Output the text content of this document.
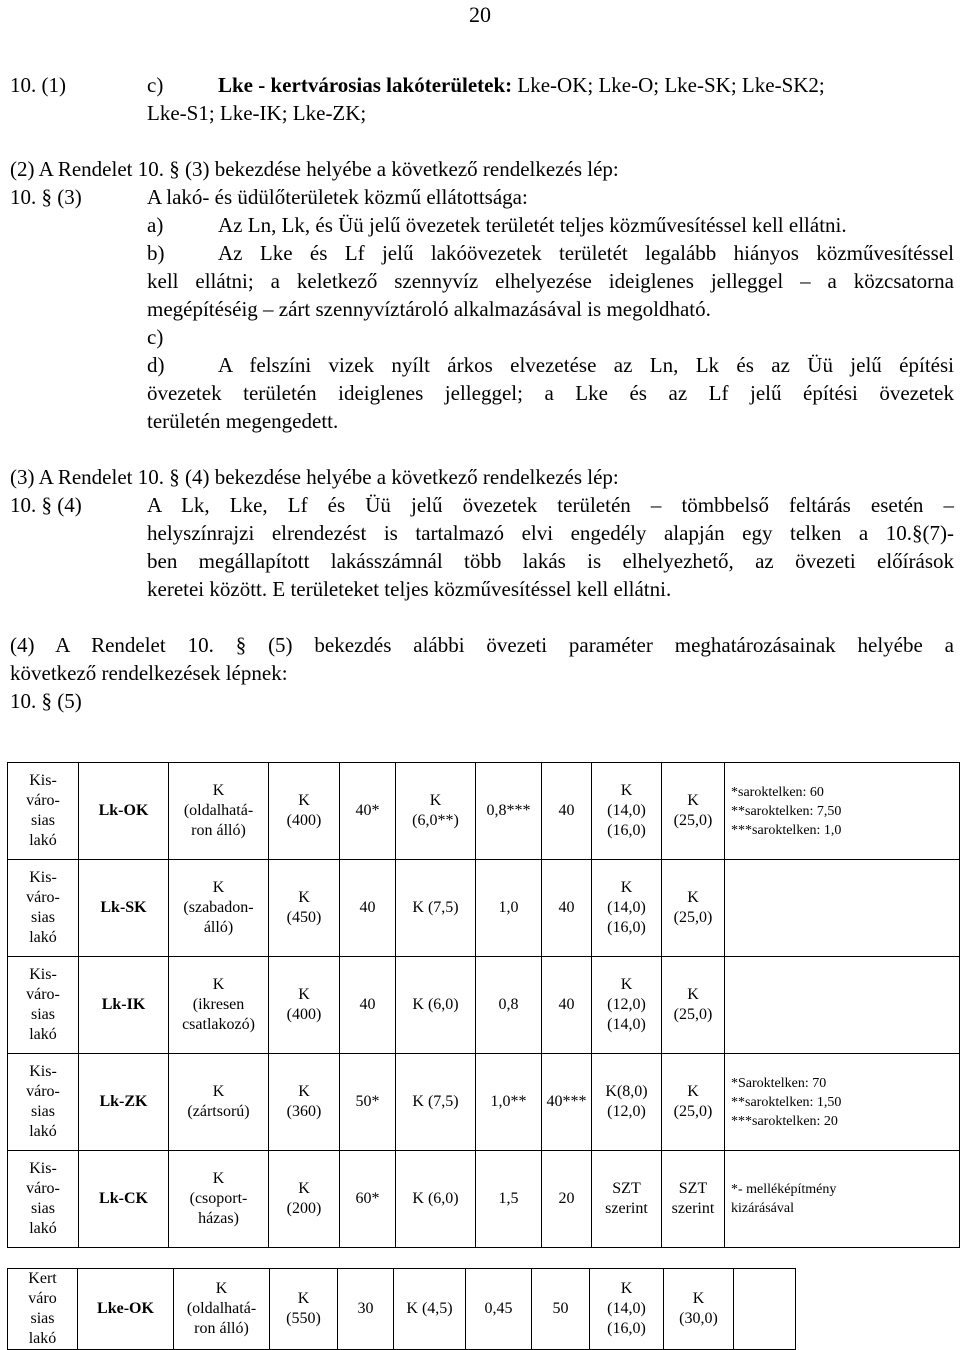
20
10. (1)	c)	Lke - kertvárosias lakóterületek: Lke-OK; Lke-O; Lke-SK; Lke-SK2;
Lke-S1; Lke-IK; Lke-ZK;
(2) A Rendelet 10. § (3) bekezdése helyébe a következő rendelkezés lép:
10. § (3)	A lakó- és üdülőterületek közmű ellátottsága:
a)	Az Ln, Lk, és Üü jelű övezetek területét teljes közművesítéssel kell ellátni.
b)	Az Lke és Lf jelű lakóövezetek területét legalább hiányos közművesítéssel
kell ellátni; a keletkező szennyvíz elhelyezése ideiglenes jelleggel – a közcsatorna
megépítéséig – zárt szennyvíztároló alkalmazásával is megoldható.
c)
d)	A felszíni vizek nyílt árkos elvezetése az Ln, Lk és az Üü jelű építési
övezetek területén ideiglenes jelleggel; a Lke és az Lf jelű építési övezetek
területén megengedett.
(3) A Rendelet 10. § (4) bekezdése helyébe a következő rendelkezés lép:
10. § (4)	A Lk, Lke, Lf és Üü jelű övezetek területén – tömbbelső feltárás esetén –
helyszínrajzi elrendezést is tartalmazó elvi engedély alapján egy telken a 10.§(7)-
ben megállapított lakásszámnál több lakás is elhelyezhető, az övezeti előírások
keretei között. E területeket teljes közművesítéssel kell ellátni.
(4) A Rendelet 10. § (5) bekezdés alábbi övezeti paraméter meghatározásainak helyébe a
következő rendelkezések lépnek:
10. § (5)
Kis-
váro-
sias
lakó	Lk-OK	K
(oldalhatá-
ron álló)	K
(400)	40*	K
(6,0**)	0,8***	40	K
(14,0)
(16,0)	K
(25,0)	*saroktelken: 60
**saroktelken: 7,50
***saroktelken: 1,0
Kis-
váro-
sias
lakó	Lk-SK	K
(szabadon-
álló)	K
(450)	40	K (7,5)	1,0	40	K
(14,0)
(16,0)	K
(25,0)	
Kis-
váro-
sias
lakó	Lk-IK	K
(ikresen
csatlakozó)	K
(400)	40	K (6,0)	0,8	40	K
(12,0)
(14,0)	K
(25,0)	
Kis-
váro-
sias
lakó	Lk-ZK	K
(zártsorú)	K
(360)	50*	K (7,5)	1,0**	40***	K(8,0)
(12,0)	K
(25,0)	*Saroktelken: 70
**saroktelken: 1,50
***saroktelken: 20
Kis-
váro-
sias
lakó	Lk-CK	K
(csoport-
házas)	K
(200)	60*	K (6,0)	1,5	20	SZT
szerint	SZT
szerint	*- melléképítmény
kizárásával
Kert
váro
sias
lakó	Lke-OK	K
(oldalhatá-
ron álló)	K
(550)	30	K (4,5)	0,45	50	K
(14,0)
(16,0)	K
(30,0)	
